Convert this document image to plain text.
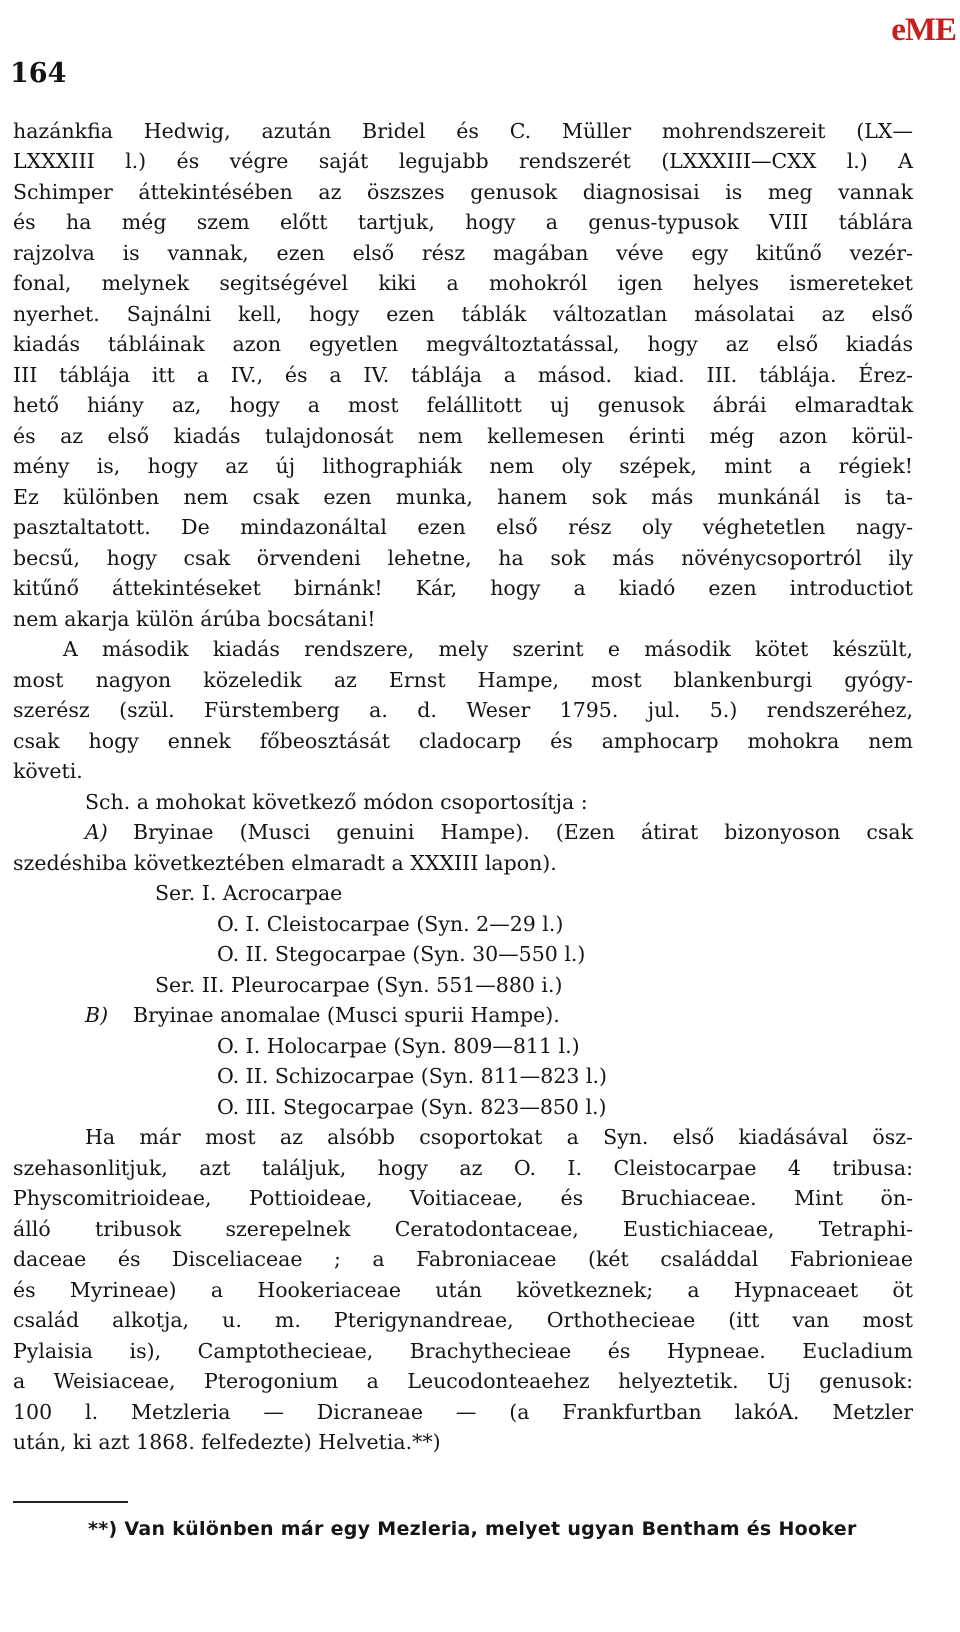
164
eME
hazánkfia Hedwig, azután Bridel és C. Müller mohrendszereit (LX—
LXXXIII l.) és végre saját legujabb rendszerét (LXXXIII—CXX l.) A
Schimper áttekintésében az öszszes genusok diagnosisai is meg vannak
és ha még szem előtt tartjuk, hogy a genus-typusok VIII táblára
rajzolva is vannak, ezen első rész magában véve egy kitűnő vezér-
fonal, melynek segitségével kiki a mohokról igen helyes ismereteket
nyerhet. Sajnálni kell, hogy ezen táblák változatlan másolatai az első
kiadás tábláinak azon egyetlen megváltoztatással, hogy az első kiadás
III táblája itt a IV., és a IV. táblája a másod. kiad. III. táblája. Érez-
hető hiány az, hogy a most felállitott uj genusok ábrái elmaradtak
és az első kiadás tulajdonosát nem kellemesen érinti még azon körül-
mény is, hogy az új lithographiák nem oly szépek, mint a régiek!
Ez különben nem csak ezen munka, hanem sok más munkánál is ta-
pasztaltatott. De mindazonáltal ezen első rész oly véghetetlen nagy-
becsű, hogy csak örvendeni lehetne, ha sok más növénycsoportról ily
kitűnő áttekintéseket birnánk! Kár, hogy a kiadó ezen introductiot
nem akarja külön árúba bocsátani!
A második kiadás rendszere, mely szerint e második kötet készült,
most nagyon közeledik az Ernst Hampe, most blankenburgi gyógy-
szerész (szül. Fürstemberg a. d. Weser 1795. jul. 5.) rendszeréhez,
csak hogy ennek főbeosztását cladocarp és amphocarp mohokra nem
követi.
Sch. a mohokat következő módon csoportosítja :
A)	Bryinae (Musci genuini Hampe). (Ezen átirat bizonyoson csak
szedéshiba következtében elmaradt a XXXIII lapon).
Ser. I. Acrocarpae
O. I. Cleistocarpae (Syn. 2—29 l.)
O. II. Stegocarpae (Syn. 30—550 l.)
Ser. II. Pleurocarpae (Syn. 551—880 i.)
B)	Bryinae anomalae (Musci spurii Hampe).
O. I. Holocarpae (Syn. 809—811 l.)
O. II. Schizocarpae (Syn. 811—823 l.)
O. III. Stegocarpae (Syn. 823—850 l.)
Ha már most az alsóbb csoportokat a Syn. első kiadásával ösz-
szehasonlitjuk, azt találjuk, hogy az O. I. Cleistocarpae 4 tribusa:
Physcomitrioideae, Pottioideae, Voitiaceae, és Bruchiaceae. Mint ön-
álló tribusok szerepelnek Ceratodontaceae, Eustichiaceae, Tetraphi-
daceae és Disceliaceae ; a Fabroniaceae (két családdal Fabrionieae
és Myrineae) a Hookeriaceae után következnek; a Hypnaceaet öt
család alkotja, u. m. Pterigynandreae, Orthothecieae (itt van most
Pylaisia is), Camptothecieae, Brachythecieae és Hypneae. Eucladium
a Weisiaceae, Pterogonium a Leucodonteaehez helyeztetik. Uj genusok:
100 l. Metzleria — Dicraneae — (a Frankfurtban lakóA. Metzler
után, ki azt 1868. felfedezte) Helvetia.**)
**) Van különben már egy Mezleria, melyet ugyan Bentham és Hooker
